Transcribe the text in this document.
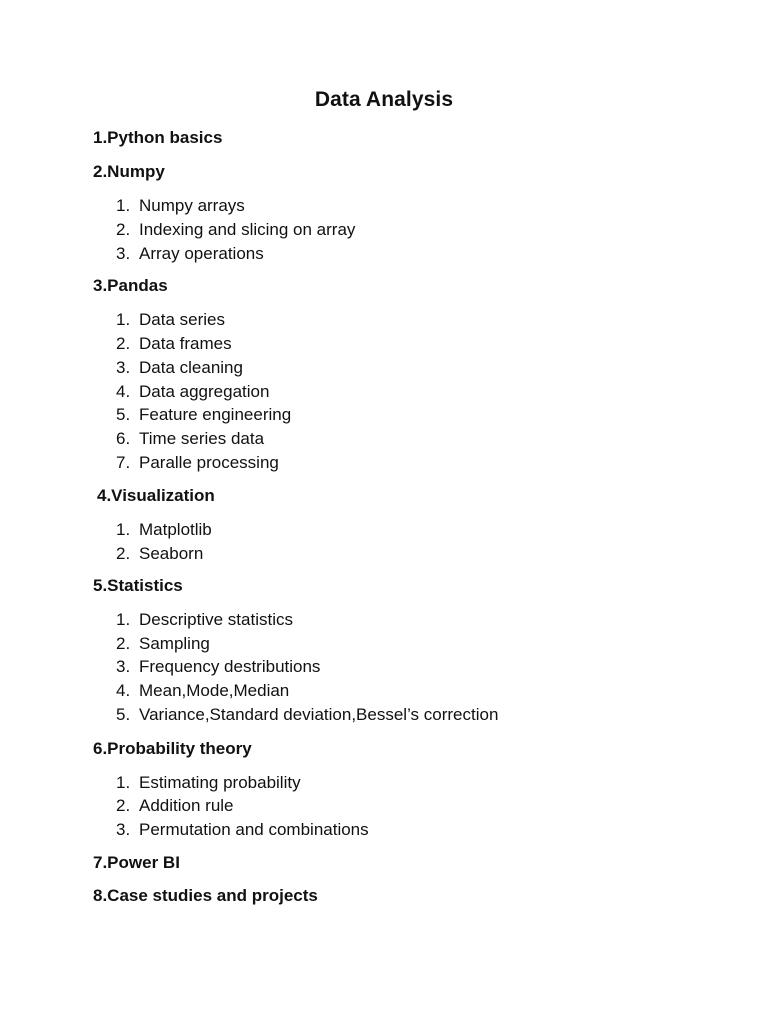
Data Analysis
1.Python basics
2.Numpy
1. Numpy arrays
2. Indexing and slicing on array
3. Array operations
3.Pandas
1. Data series
2. Data frames
3. Data cleaning
4. Data aggregation
5. Feature engineering
6. Time series data
7. Paralle processing
4.Visualization
1. Matplotlib
2. Seaborn
5.Statistics
1. Descriptive statistics
2. Sampling
3. Frequency destributions
4. Mean,Mode,Median
5. Variance,Standard deviation,Bessel’s correction
6.Probability theory
1. Estimating probability
2. Addition rule
3. Permutation and combinations
7.Power BI
8.Case studies and projects
